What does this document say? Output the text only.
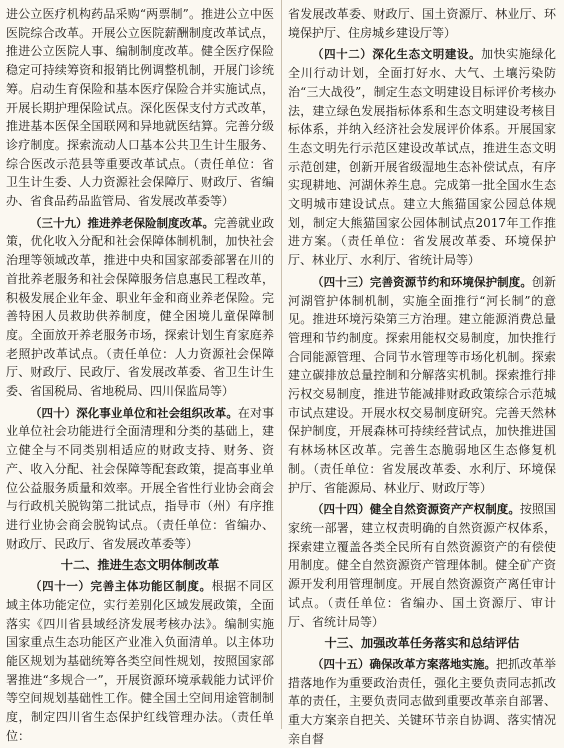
进公立医疗机构药品采购“两票制”。推进公立中医医院综合改革。开展公立医院薪酬制度改革试点，推进公立医院人事、编制制度改革。健全医疗保险稳定可持续筹资和报销比例调整机制，开展门诊统筹。启动生育保险和基本医疗保险合并实施试点，开展长期护理保险试点。深化医保支付方式改革，推进基本医保全国联网和异地就医结算。完善分级诊疗制度。探索流动人口基本公共卫生计生服务、综合医改示范县等重要改革试点。（责任单位：省卫生计生委、人力资源社会保障厅、财政厅、省编办、省食品药品监管局、省发展改革委等）

（三十九）推进养老保险制度改革。完善就业政策，优化收入分配和社会保障体制机制，加快社会治理等领域改革，推进中央和国家部委部署在川的首批养老服务和社会保障服务信息惠民工程改革，积极发展企业年金、职业年金和商业养老保险。完善特困人员救助供养制度，健全困境儿童保障制度。全面放开养老服务市场，探索计划生育家庭养老照护改革试点。（责任单位：人力资源社会保障厅、财政厅、民政厅、省发展改革委、省卫生计生委、省国税局、省地税局、四川保监局等）

（四十）深化事业单位和社会组织改革。在对事业单位社会功能进行全面清理和分类的基础上，建立健全与不同类别相适应的财政支持、财务、资产、收入分配、社会保障等配套政策，提高事业单位公益服务质量和效率。开展全省性行业协会商会与行政机关脱钩第二批试点，指导市（州）有序推进行业协会商会脱钩试点。（责任单位：省编办、财政厅、民政厅、省发展改革委等）

十二、推进生态文明体制改革

（四十一）完善主体功能区制度。根据不同区域主体功能定位，实行差别化区域发展政策，全面落实《四川省县域经济发展考核办法》。编制实施国家重点生态功能区产业准入负面清单。以主体功能区规划为基础统筹各类空间性规划，按照国家部署推进“多规合一”，开展资源环境承载能力试评价等空间规划基础性工作。健全国土空间用途管制制度，制定四川省生态保护红线管理办法。（责任单位：

省发展改革委、财政厅、国土资源厅、林业厅、环境保护厅、住房城乡建设厅等）

（四十二）深化生态文明建设。加快实施绿化全川行动计划，全面打好水、大气、土壤污染防治“三大战役”，制定生态文明建设目标评价考核办法，建立绿色发展指标体系和生态文明建设考核目标体系，并纳入经济社会发展评价体系。开展国家生态文明先行示范区建设改革试点，推进生态文明示范创建，创新开展省级湿地生态补偿试点，有序实现耕地、河湖休养生息。完成第一批全国水生态文明城市建设试点。建立大熊猫国家公园总体规划，制定大熊猫国家公园体制试点2017年工作推进方案。（责任单位：省发展改革委、环境保护厅、林业厅、水利厅、省统计局等）

（四十三）完善资源节约和环境保护制度。创新河湖管护体制机制，实施全面推行“河长制”的意见。推进环境污染第三方治理。建立能源消费总量管理和节约制度。探索用能权交易制度，加快推行合同能源管理、合同节水管理等市场化机制。探索建立碳排放总量控制和分解落实机制。探索推行排污权交易制度，推进节能减排财政政策综合示范城市试点建设。开展水权交易制度研究。完善天然林保护制度，开展森林可持续经营试点，加快推进国有林场林区改革。完善生态脆弱地区生态修复机制。（责任单位：省发展改革委、水利厅、环境保护厅、省能源局、林业厅、财政厅等）

（四十四）健全自然资源资产产权制度。按照国家统一部署，建立权责明确的自然资源产权体系，探索建立覆盖各类全民所有自然资源资产的有偿使用制度。健全自然资源资产管理体制。健全矿产资源开发利用管理制度。开展自然资源资产离任审计试点。（责任单位：省编办、国土资源厅、审计厅、省统计局等）

十三、加强改革任务落实和总结评估

（四十五）确保改革方案落地实施。把抓改革举措落地作为重要政治责任，强化主要负责同志抓改革的责任，主要负责同志做到重要改革亲自部署、重大方案亲自把关、关键环节亲自协调、落实情况亲自督
